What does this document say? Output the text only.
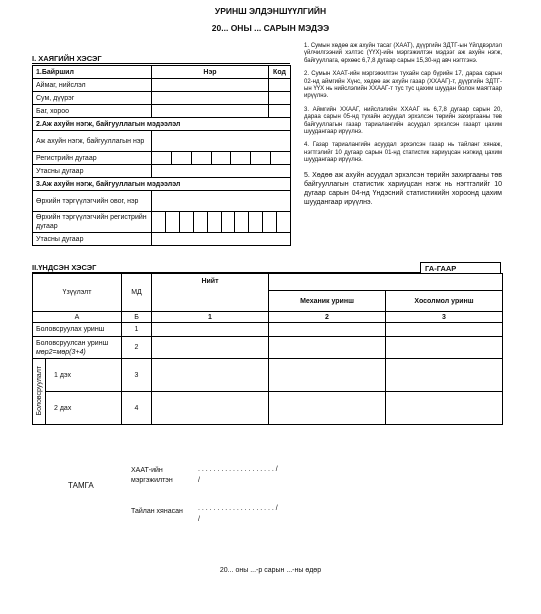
УРИНШ ЭЛДЭНШҮҮЛГИЙН
20... ОНЫ ... САРЫН МЭДЭЭ
I. ХАЯГИЙН ХЭСЭГ
1.Байршил	Нэр	Код
Аймаг, нийслэл		
Сум, дүүрэг		
Баг, хороо		
2.Аж ахуйн нэгж, байгууллагын мэдээлэл		
Аж ахуйн нэгж, байгууллагын нэр		
Регистрийн дугаар		

Утасны дугаар		
3.Аж ахуйн нэгж, байгууллагын мэдээлэл		
Өрхийн тэргүүлэгчийн овог, нэр		
Өрхийн тэргүүлэгчийн регистрийн дугаар		

Утасны дугаар		
1. Сумын хөдөө аж ахуйн тасаг (ХААТ), дүүргийн ЗДТГ-ын Үйлдвэрлэл үйлчилгээний хэлтэс (ҮҮХ)-ийн мэргэжилтэн мэдээг аж ахуйн нэгж, байгууллага, өрхөөс 6,7,8 дугаар сарын 15,30-нд авч нэгтгэнэ.
2. Сумын ХААТ-ийн мэргэжилтэн тухайн сар бүрийн 17, дараа сарын 02-нд аймгийн Хүнс, хөдөө аж ахуйн газар (ХХААГ)-т, дүүргийн ЗДТГ-ын ҮҮХ нь нийслэлийн ХХААГ-т тус тус цахим шуудан болон маягтаар ирүүлнэ.
3. Аймгийн ХХААГ, нийслэлийн ХХААГ нь 6,7,8 дугаар сарын 20, дараа сарын 05-нд тухайн асуудал эрхэлсэн төрийн захиргааны төв байгууллагын газар тариалангийн асуудал эрхэлсэн газарт цахим шуудангаар ирүүлнэ.
4. Газар тариалангийн асуудал эрхэлсэн газар нь тайланг хянаж, нэгтгэлийг 10 дугаар сарын 01-нд статистик хариуцсан нэгжид цахим шуудангаар ирүүлнэ.
5. Хөдөө аж ахуйн асуудал эрхэлсэн төрийн захиргааны төв байгууллагын статистик хариуцсан нэгж нь нэгтгэлийг 10 дугаар сарын 04-нд Үндэсний статистикийн хороонд цахим шуудангаар ирүүлнэ.
II.ҮНДСЭН ХЭСЭГ	ГА-ГААР
Үзүүлэлт		МД	Нийт		
				Механик уринш	Хосолмол уринш
А		Б	1	2	3
Боловсруулах уринш		1			
Боловсруулсан уринш мөр2=мөр(3+4)		2			
Боловсруулалт	1 дэх	3			
	2 дах	4			
ТАМГА
ХААТ-ийн мэргэжилтэн
. . . . . . . . . . . . . . . . . . . . /
/
Тайлан хянасан	. . . . . . . . . . . . . . . . . . . . /
/
20... оны ...-р сарын ...-ны өдөр
